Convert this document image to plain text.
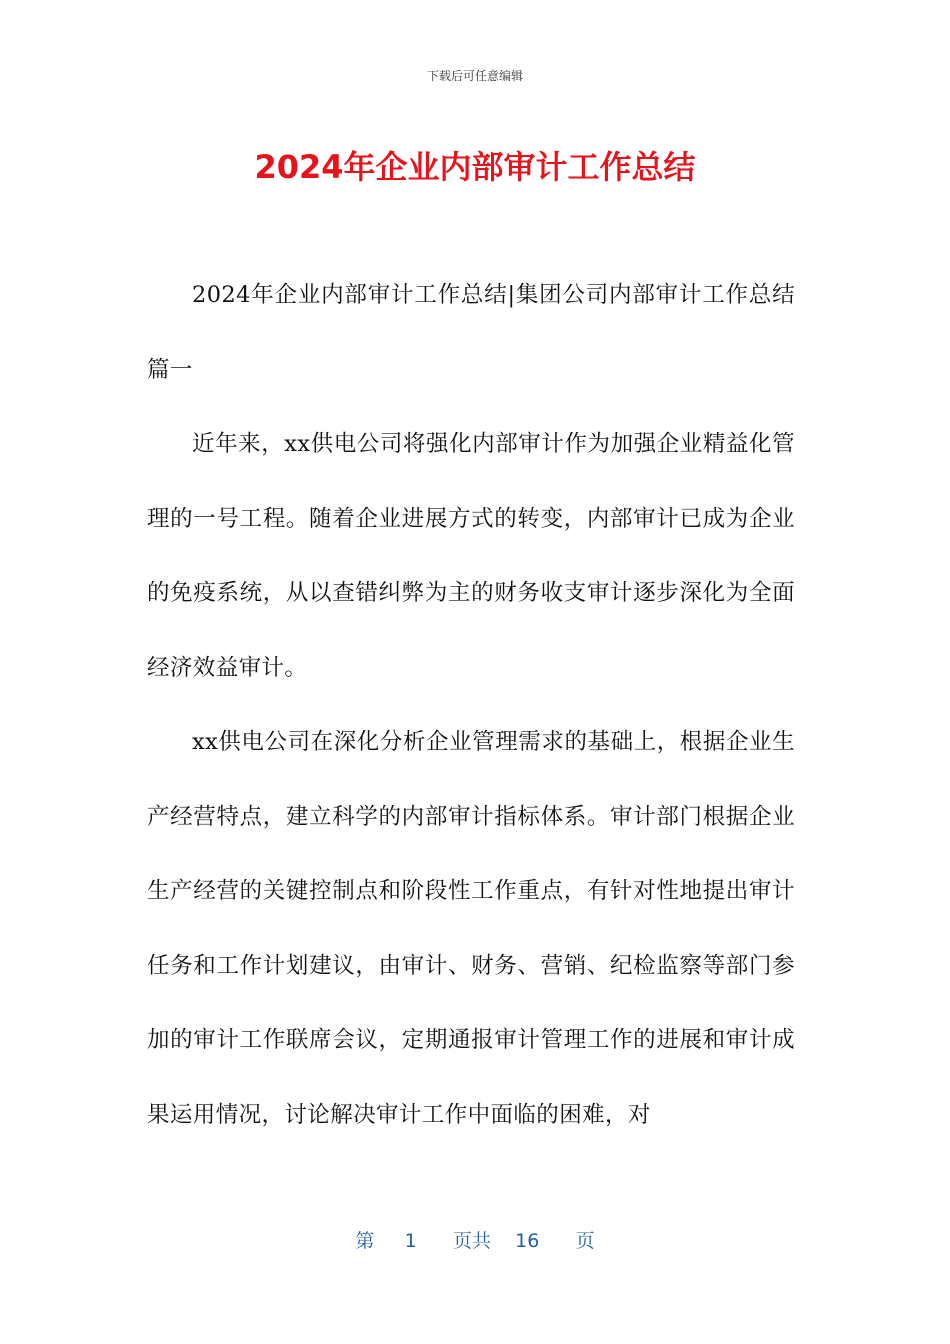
下载后可任意编辑
2024年企业内部审计工作总结

2024年企业内部审计工作总结|集团公司内部审计工作总结篇一

近年来，xx供电公司将强化内部审计作为加强企业精益化管理的一号工程。随着企业进展方式的转变，内部审计已成为企业的免疫系统，从以查错纠弊为主的财务收支审计逐步深化为全面经济效益审计。

xx供电公司在深化分析企业管理需求的基础上，根据企业生产经营特点，建立科学的内部审计指标体系。审计部门根据企业生产经营的关键控制点和阶段性工作重点，有针对性地提出审计任务和工作计划建议，由审计、财务、营销、纪检监察等部门参加的审计工作联席会议，定期通报审计管理工作的进展和审计成果运用情况，讨论解决审计工作中面临的困难，对

第 1 页共 16 页
